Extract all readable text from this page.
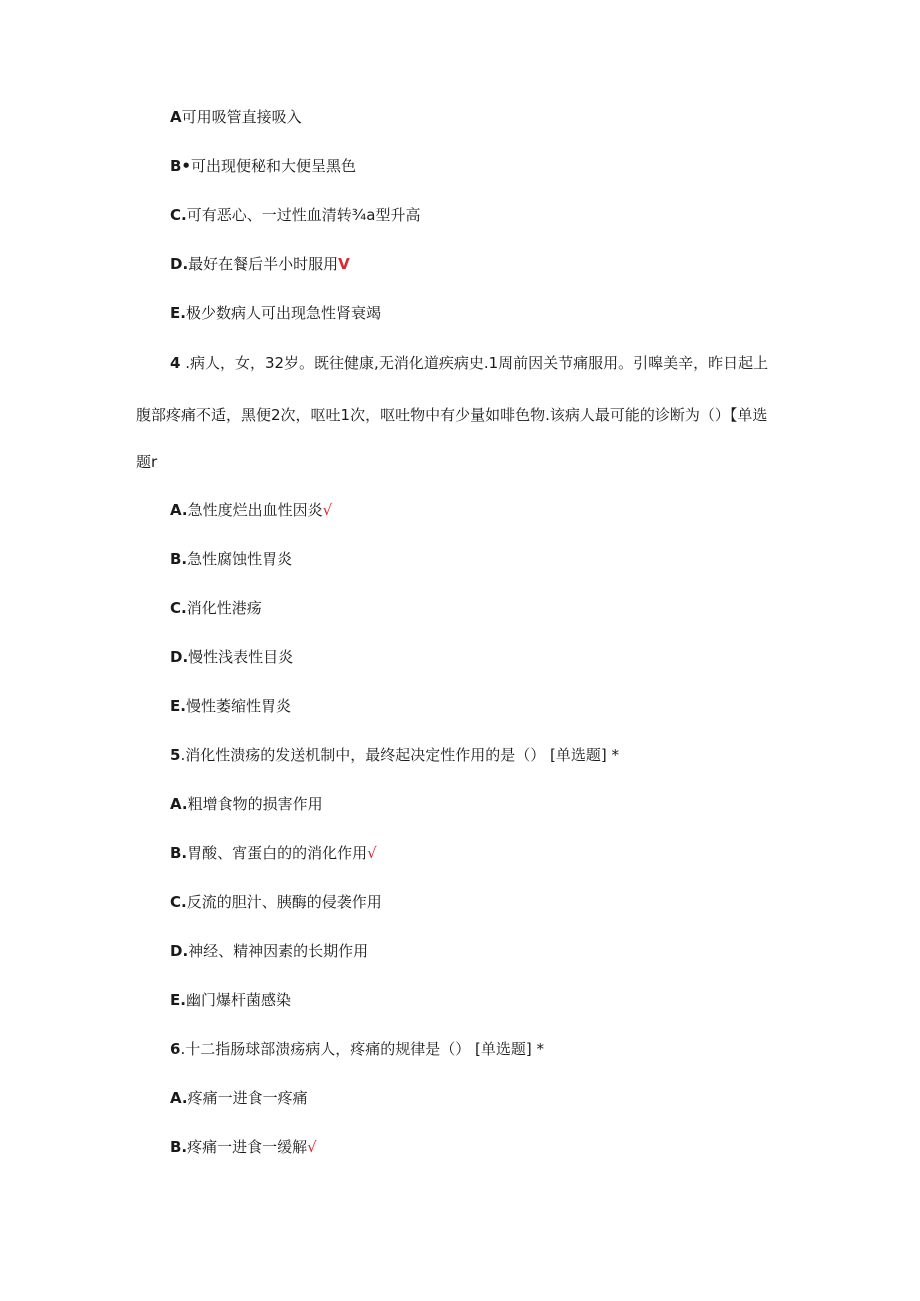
A可用吸管直接吸入
B•可出现便秘和大便呈黑色
C.可有恶心、一过性血清转¾a型升高
D.最好在餐后半小时服用V
E.极少数病人可出现急性肾衰竭
4 .病人，女，32岁。既往健康,无消化道疾病史.1周前因关节痛服用。引嗥美辛，昨日起上
腹部疼痛不适，黑便2次，呕吐1次，呕吐物中有少量如啡色物.该病人最可能的诊断为（）【单选
题r
A.急性度烂出血性因炎√
B.急性腐蚀性胃炎
C.消化性港疡
D.慢性浅表性目炎
E.慢性萎缩性胃炎
5.消化性溃疡的发送机制中，最终起决定性作用的是（） [单选题] *
A.粗增食物的损害作用
B.胃酸、宵蛋白的的消化作用√
C.反流的胆汁、胰酶的侵袭作用
D.神经、精神因素的长期作用
E.幽门爆杆菌感染
6.十二指肠球部溃疡病人，疼痛的规律是（） [单选题] *
A.疼痛一进食一疼痛
B.疼痛一进食一缓解√
